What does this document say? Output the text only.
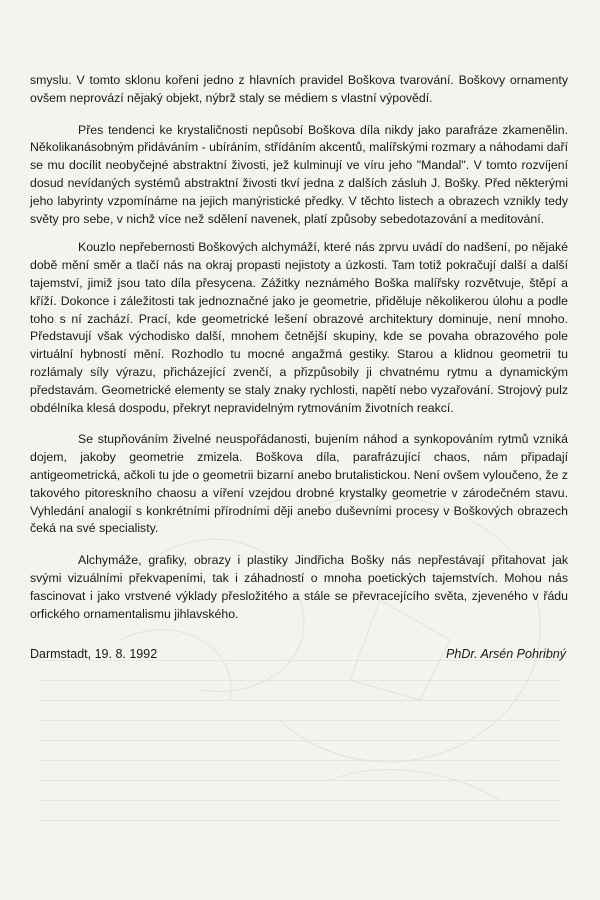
smyslu. V tomto sklonu kořeni jedno z hlavních pravidel Boškova tvarování. Boškovy ornamenty ovšem neprovází nějaký objekt, nýbrž staly se médiem s vlastní výpovědí.

Přes tendenci ke krystaličnosti nepůsobí Boškova díla nikdy jako parafráze zkamenělin. Několikanásobným přidáváním - ubíráním, střídáním akcentů, malířskými rozmary a náhodami daří se mu docílit neobyčejné abstraktní živosti, jež kulminují ve víru jeho "Mandal". V tomto rozvíjení dosud nevídaných systémů abstraktní živosti tkví jedna z dalších zásluh J. Bošky. Před některými jeho labyrinty vzpomínáme na jejich manýristické předky. V těchto listech a obrazech vznikly tedy světy pro sebe, v nichž více než sdělení navenek, platí způsoby sebedotazování a meditování.

Kouzlo nepřebernosti Boškových alchymáží, které nás zprvu uvádí do nadšení, po nějaké době mění směr a tlačí nás na okraj propasti nejistoty a úzkosti. Tam totiž pokračují další a další tajemství, jimiž jsou tato díla přesycena. Zážitky neznámého Boška malířsky rozvětvuje, štěpí a kříží. Dokonce i záležitosti tak jednoznačné jako je geometrie, přiděluje několikerou úlohu a podle toho s ní zachází. Prací, kde geometrické lešení obrazové architektury dominuje, není mnoho. Představují však východisko další, mnohem četnější skupiny, kde se povaha obrazového pole virtuální hybností mění. Rozhodlo tu mocné angažmá gestiky. Starou a klidnou geometrii tu rozlámaly síly výrazu, přicházející zvenčí, a přizpůsobily ji chvatnému rytmu a dynamickým představám. Geometrické elementy se staly znaky rychlosti, napětí nebo vyzařování. Strojový pulz obdélníka klesá dospodu, překryt nepravidelným rytmováním životních reakcí.

Se stupňováním živelné neuspořádanosti, bujením náhod a synkopováním rytmů vzniká dojem, jakoby geometrie zmizela. Boškova díla, parafrázující chaos, nám připadají antigeometrická, ačkoli tu jde o geometrii bizarní anebo brutalistickou. Není ovšem vyloučeno, že z takového pitoreskního chaosu a víření vzejdou drobné krystalky geometrie v zárodečném stavu. Vyhledání analogií s konkrétními přírodními ději anebo duševními procesy v Boškových obrazech čeká na své specialisty.

Alchymáže, grafiky, obrazy i plastiky Jindřicha Bošky nás nepřestávají přitahovat jak svými vizuálními překvapeními, tak i záhadností o mnoha poetických tajemstvích. Mohou nás fascinovat i jako vrstvené výklady přesložitého a stále se převracejícího světa, zjeveného v řádu orfického ornamentalismu jihlavského.

Darmstadt, 19. 8. 1992	PhDr. Arsén Pohribný
